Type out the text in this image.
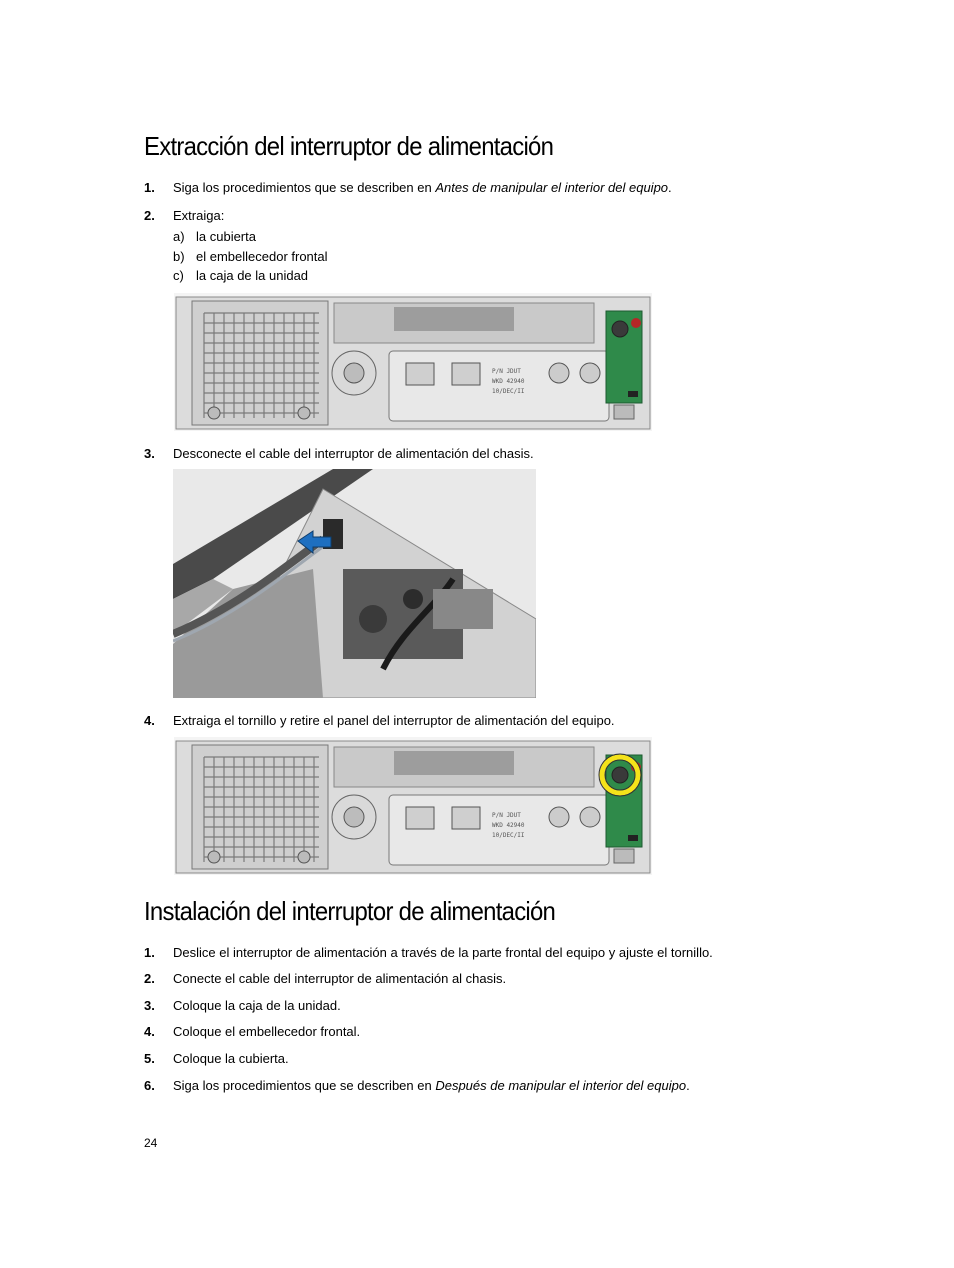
Extracción del interruptor de alimentación
1. Siga los procedimientos que se describen en Antes de manipular el interior del equipo.
2. Extraiga:
a) la cubierta
b) el embellecedor frontal
c) la caja de la unidad
P/N JDUT
WKD 42940
10/DEC/II
3. Desconecte el cable del interruptor de alimentación del chasis.
4. Extraiga el tornillo y retire el panel del interruptor de alimentación del equipo.
P/N JDUT
WKD 42940
10/DEC/II
Instalación del interruptor de alimentación
1. Deslice el interruptor de alimentación a través de la parte frontal del equipo y ajuste el tornillo.
2. Conecte el cable del interruptor de alimentación al chasis.
3. Coloque la caja de la unidad.
4. Coloque el embellecedor frontal.
5. Coloque la cubierta.
6. Siga los procedimientos que se describen en Después de manipular el interior del equipo.
24
